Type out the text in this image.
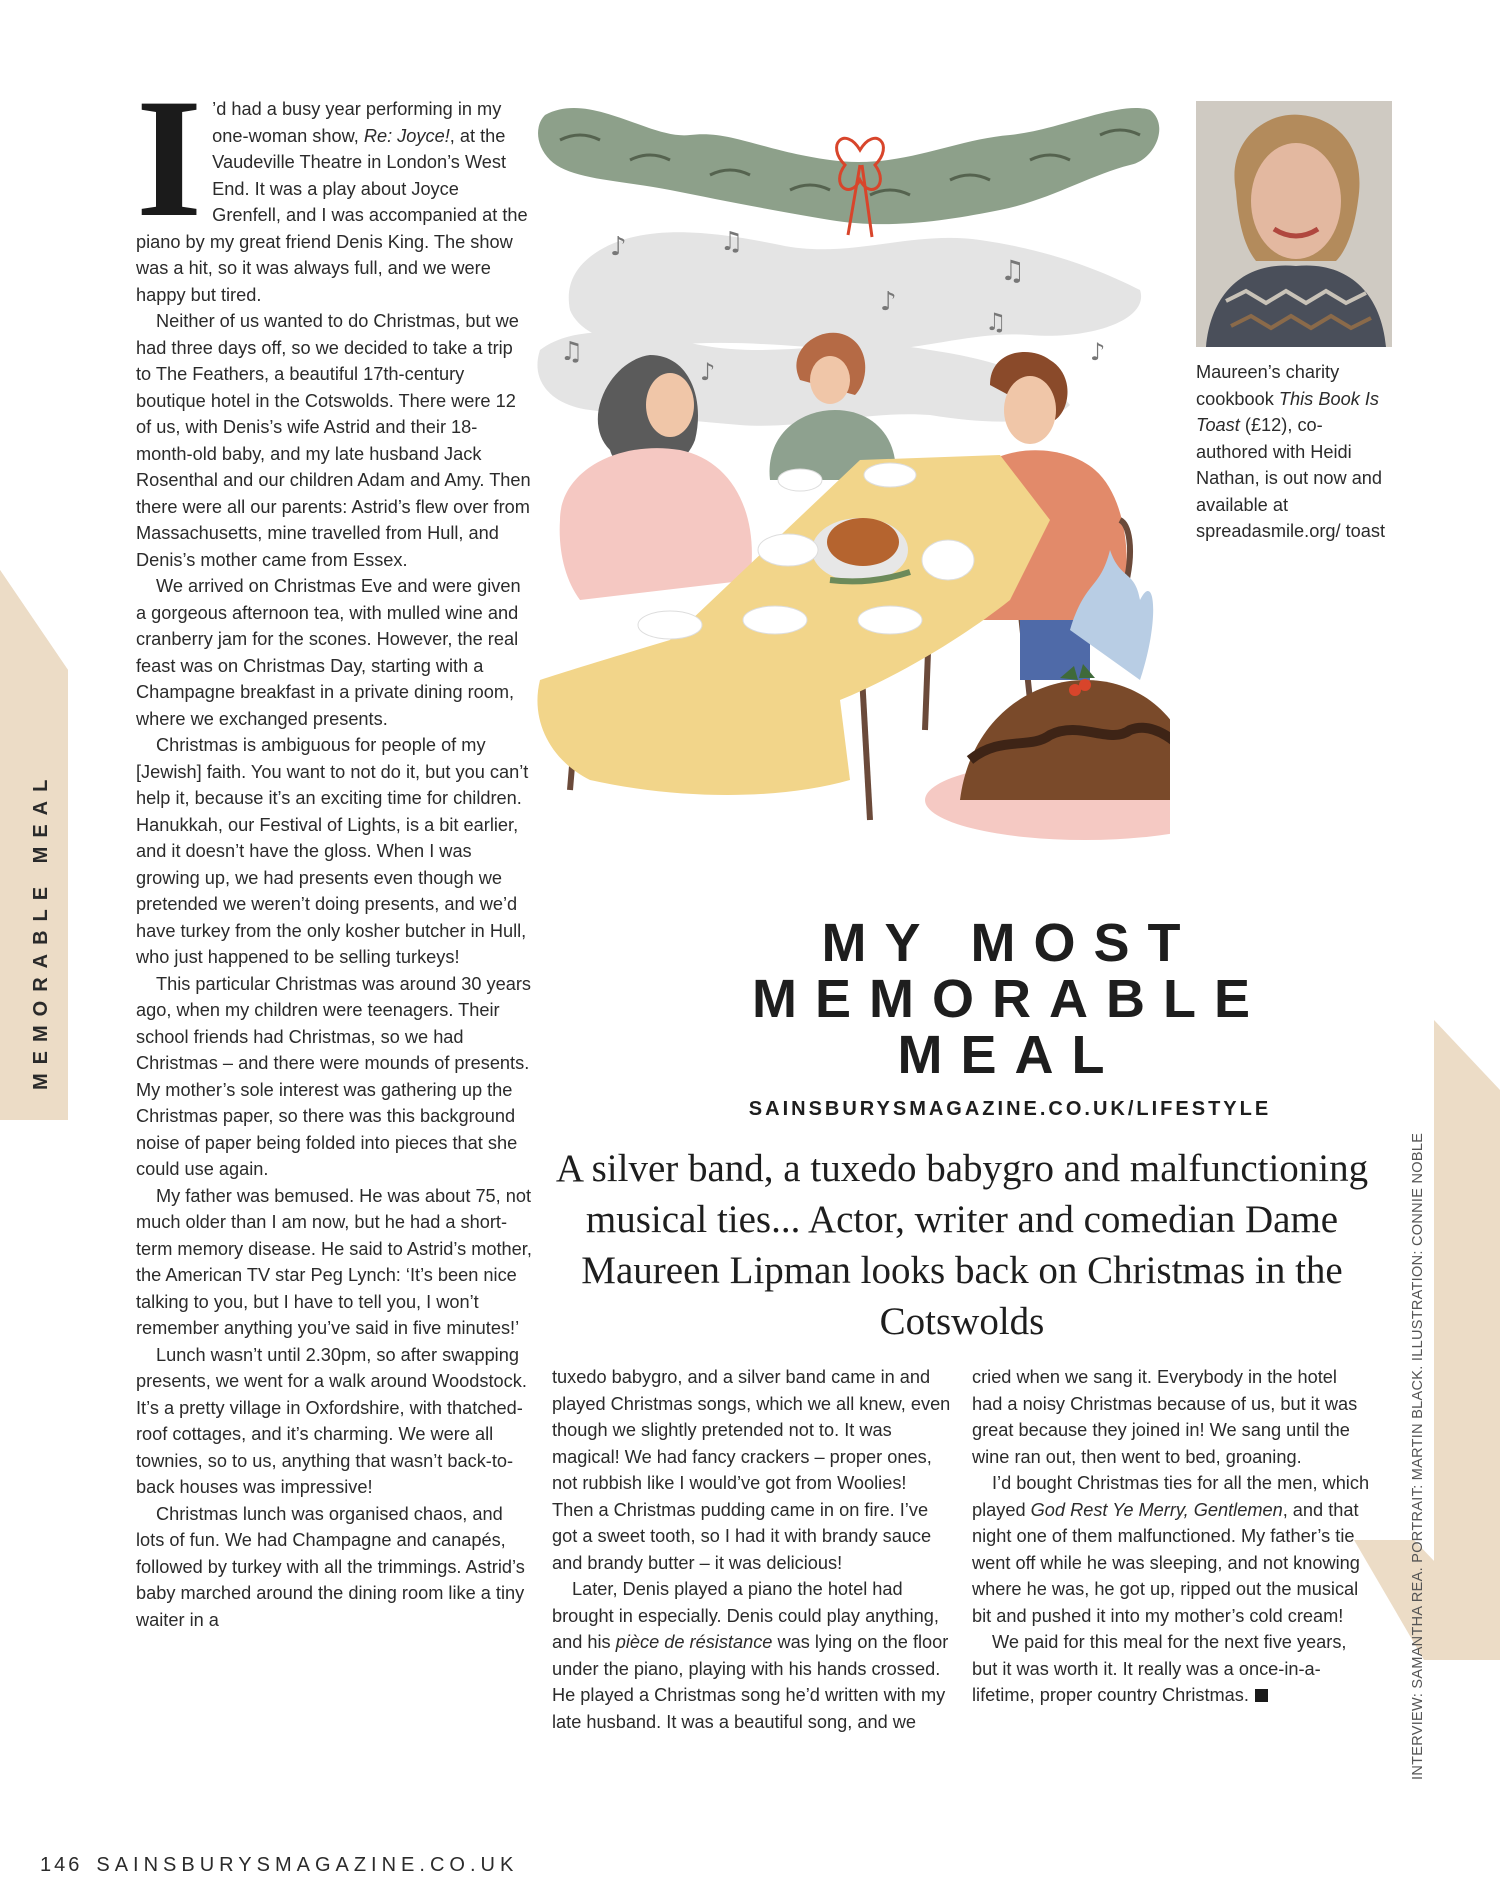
MEMORABLE MEAL
I ’d had a busy year performing in my one-woman show, Re: Joyce!, at the Vaudeville Theatre in London’s West End. It was a play about Joyce Grenfell, and I was accompanied at the piano by my great friend Denis King. The show was a hit, so it was always full, and we were happy but tired.

Neither of us wanted to do Christmas, but we had three days off, so we decided to take a trip to The Feathers, a beautiful 17th-century boutique hotel in the Cotswolds. There were 12 of us, with Denis’s wife Astrid and their 18-month-old baby, and my late husband Jack Rosenthal and our children Adam and Amy. Then there were all our parents: Astrid’s flew over from Massachusetts, mine travelled from Hull, and Denis’s mother came from Essex.

We arrived on Christmas Eve and were given a gorgeous afternoon tea, with mulled wine and cranberry jam for the scones. However, the real feast was on Christmas Day, starting with a Champagne breakfast in a private dining room, where we exchanged presents.

Christmas is ambiguous for people of my [Jewish] faith. You want to not do it, but you can’t help it, because it’s an exciting time for children. Hanukkah, our Festival of Lights, is a bit earlier, and it doesn’t have the gloss. When I was growing up, we had presents even though we pretended we weren’t doing presents, and we’d have turkey from the only kosher butcher in Hull, who just happened to be selling turkeys!

This particular Christmas was around 30 years ago, when my children were teenagers. Their school friends had Christmas, so we had Christmas – and there were mounds of presents. My mother’s sole interest was gathering up the Christmas paper, so there was this background noise of paper being folded into pieces that she could use again.

My father was bemused. He was about 75, not much older than I am now, but he had a short-term memory disease. He said to Astrid’s mother, the American TV star Peg Lynch: ‘It’s been nice talking to you, but I have to tell you, I won’t remember anything you’ve said in five minutes!’

Lunch wasn’t until 2.30pm, so after swapping presents, we went for a walk around Woodstock. It’s a pretty village in Oxfordshire, with thatched-roof cottages, and it’s charming. We were all townies, so to us, anything that wasn’t back-to-back houses was impressive!

Christmas lunch was organised chaos, and lots of fun. We had Champagne and canapés, followed by turkey with all the trimmings. Astrid’s baby marched around the dining room like a tiny waiter in a

♪	♫
♪
♫
♫
♪
♫
♪
Maureen’s charity cookbook This Book Is Toast (£12), co-authored with Heidi Nathan, is out now and available at spreadasmile.org/ toast
MY MOST
MEMORABLE
MEAL
SAINSBURYSMAGAZINE.CO.UK/LIFESTYLE
A silver band, a tuxedo babygro and malfunctioning musical ties... Actor, writer and comedian Dame Maureen Lipman looks back on Christmas in the Cotswolds

tuxedo babygro, and a silver band came in and played Christmas songs, which we all knew, even though we slightly pretended not to. It was magical! We had fancy crackers – proper ones, not rubbish like I would’ve got from Woolies! Then a Christmas pudding came in on fire. I’ve got a sweet tooth, so I had it with brandy sauce and brandy butter – it was delicious!

Later, Denis played a piano the hotel had brought in especially. Denis could play anything, and his pièce de résistance was lying on the floor under the piano, playing with his hands crossed. He played a Christmas song he’d written with my late husband. It was a beautiful song, and we

cried when we sang it. Everybody in the hotel had a noisy Christmas because of us, but it was great because they joined in! We sang until the wine ran out, then went to bed, groaning.

I’d bought Christmas ties for all the men, which played God Rest Ye Merry, Gentlemen, and that night one of them malfunctioned. My father’s tie went off while he was sleeping, and not knowing where he was, he got up, ripped out the musical bit and pushed it into my mother’s cold cream!

We paid for this meal for the next five years, but it was worth it. It really was a once-in-a-lifetime, proper country Christmas.	INTERVIEW: SAMANTHA REA. PORTRAIT: MARTIN BLACK. ILLUSTRATION: CONNIE NOBLE
146 SAINSBURYSMAGAZINE.CO.UK
